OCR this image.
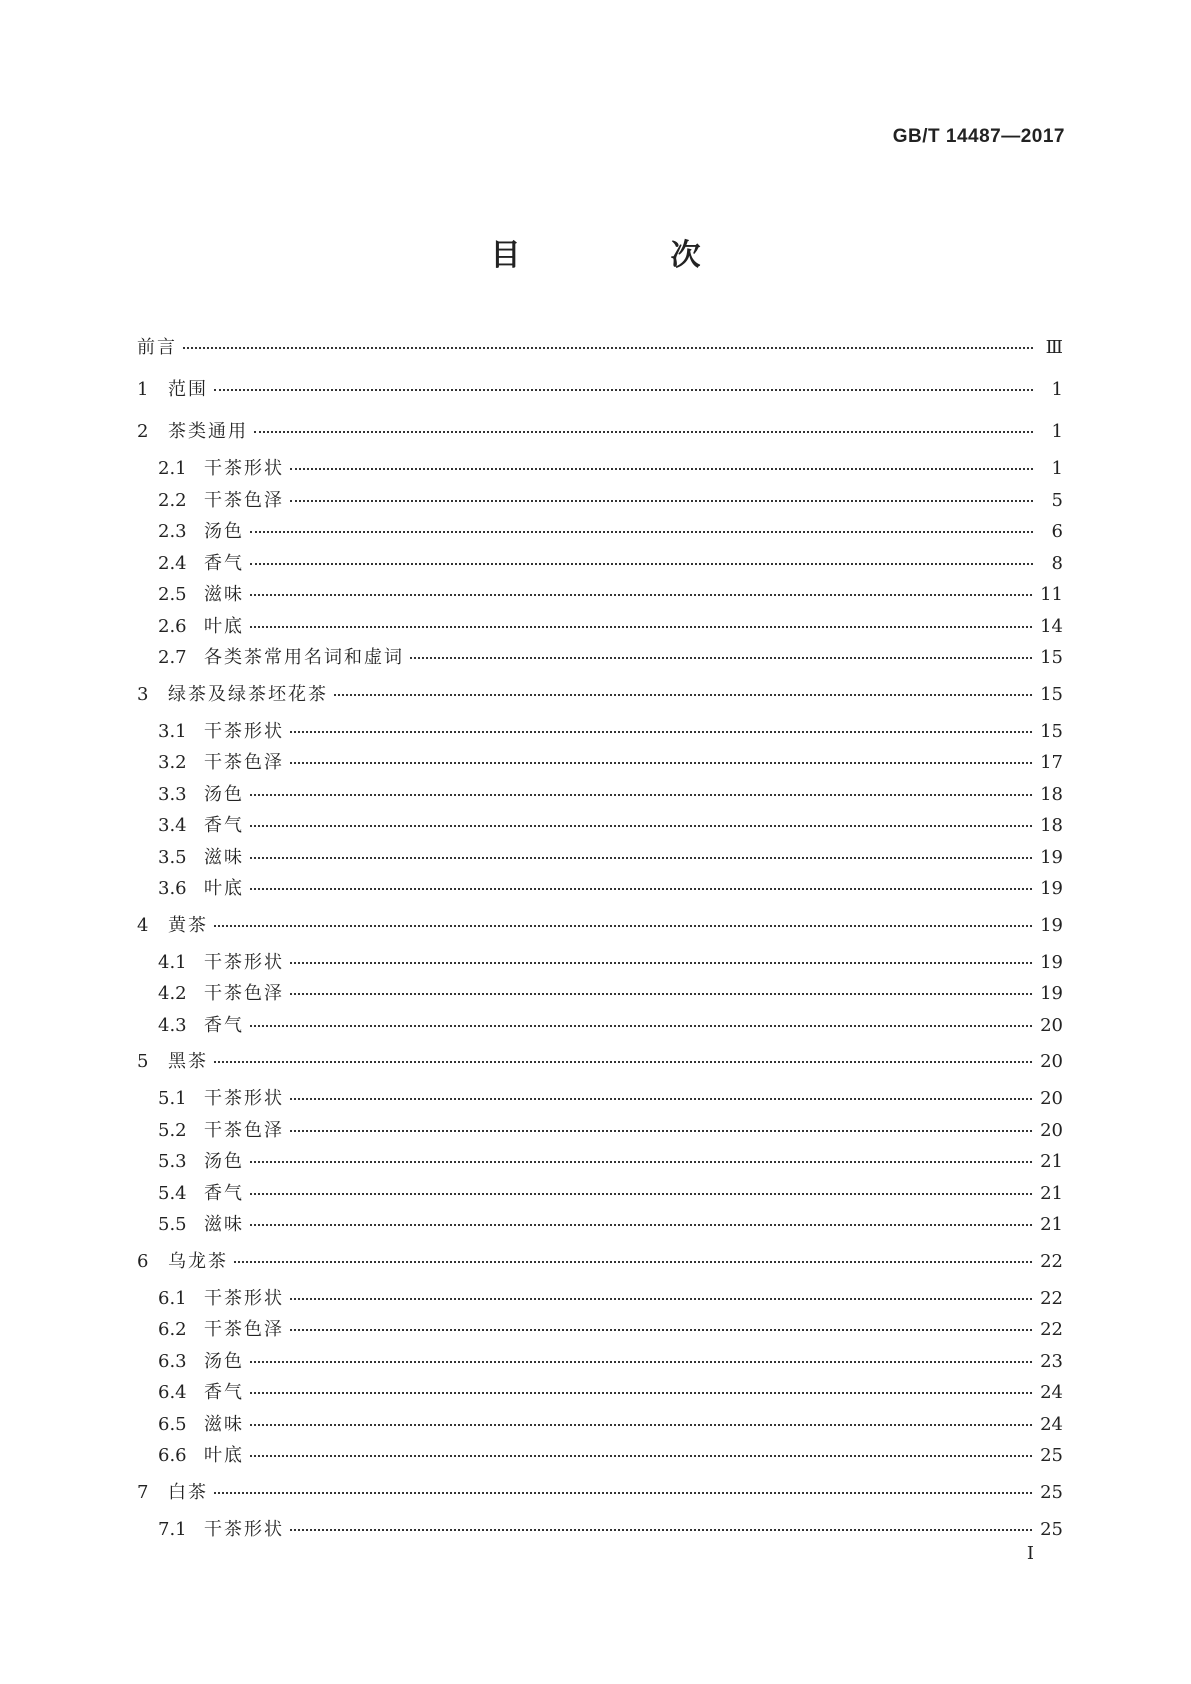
GB/T 14487—2017
目　次
前言	Ⅲ
1	范围	1
2	茶类通用	1
2.1 干茶形状	1
2.2 干茶色泽	5
2.3 汤色	6
2.4 香气	8
2.5 滋味	11
2.6 叶底	14
2.7 各类茶常用名词和虚词	15
3	绿茶及绿茶坯花茶	15
3.1 干茶形状	15
3.2 干茶色泽	17
3.3 汤色	18
3.4 香气	18
3.5 滋味	19
3.6 叶底	19
4	黄茶	19
4.1 干茶形状	19
4.2 干茶色泽	19
4.3 香气	20
5	黑茶	20
5.1 干茶形状	20
5.2 干茶色泽	20
5.3 汤色	21
5.4 香气	21
5.5 滋味	21
6	乌龙茶	22
6.1 干茶形状	22
6.2 干茶色泽	22
6.3 汤色	23
6.4 香气	24
6.5 滋味	24
6.6 叶底	25
7	白茶	25
7.1 干茶形状	25
I
